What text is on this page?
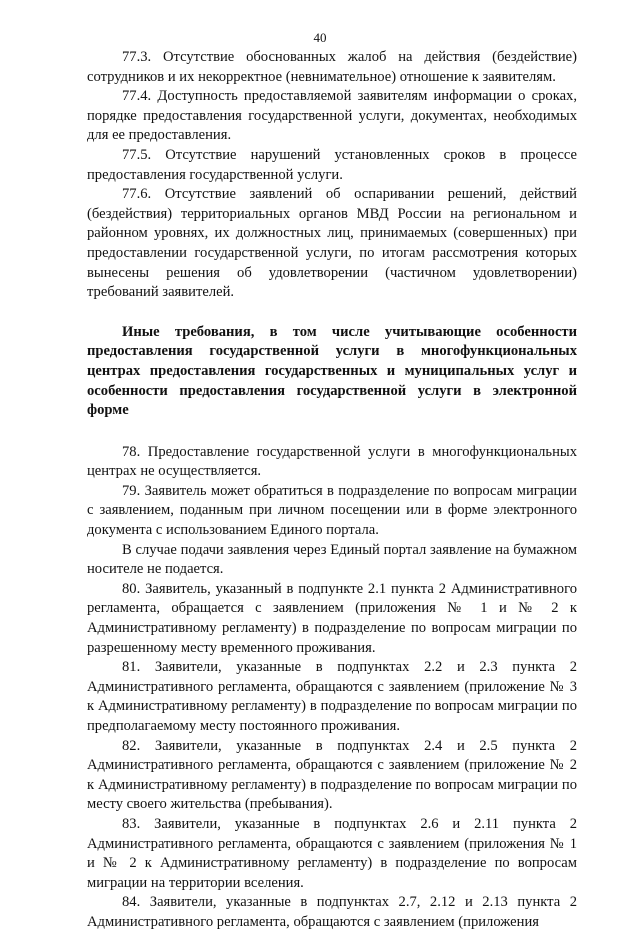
40

77.3. Отсутствие обоснованных жалоб на действия (бездействие) сотрудников и их некорректное (невнимательное) отношение к заявителям.

77.4. Доступность предоставляемой заявителям информации о сроках, порядке предоставления государственной услуги, документах, необходимых для ее предоставления.

77.5. Отсутствие нарушений установленных сроков в процессе предоставления государственной услуги.

77.6. Отсутствие заявлений об оспаривании решений, действий (бездействия) территориальных органов МВД России на региональном и районном уровнях, их должностных лиц, принимаемых (совершенных) при предоставлении государственной услуги, по итогам рассмотрения которых вынесены решения об удовлетворении (частичном удовлетворении) требований заявителей.

Иные требования, в том числе учитывающие особенности предоставления государственной услуги в многофункциональных центрах предоставления государственных и муниципальных услуг и особенности предоставления государственной услуги в электронной форме

78. Предоставление государственной услуги в многофункциональных центрах не осуществляется.

79. Заявитель может обратиться в подразделение по вопросам миграции с заявлением, поданным при личном посещении или в форме электронного документа с использованием Единого портала.

В случае подачи заявления через Единый портал заявление на бумажном носителе не подается.

80. Заявитель, указанный в подпункте 2.1 пункта 2 Административного регламента, обращается с заявлением (приложения № 1 и № 2 к Административному регламенту) в подразделение по вопросам миграции по разрешенному месту временного проживания.

81. Заявители, указанные в подпунктах 2.2 и 2.3 пункта 2 Административного регламента, обращаются с заявлением (приложение № 3 к Административному регламенту) в подразделение по вопросам миграции по предполагаемому месту постоянного проживания.

82. Заявители, указанные в подпунктах 2.4 и 2.5 пункта 2 Административного регламента, обращаются с заявлением (приложение № 2 к Административному регламенту) в подразделение по вопросам миграции по месту своего жительства (пребывания).

83. Заявители, указанные в подпунктах 2.6 и 2.11 пункта 2 Административного регламента, обращаются с заявлением (приложения № 1 и № 2 к Административному регламенту) в подразделение по вопросам миграции на территории вселения.

84. Заявители, указанные в подпунктах 2.7, 2.12 и 2.13 пункта 2 Административного регламента, обращаются с заявлением (приложения
